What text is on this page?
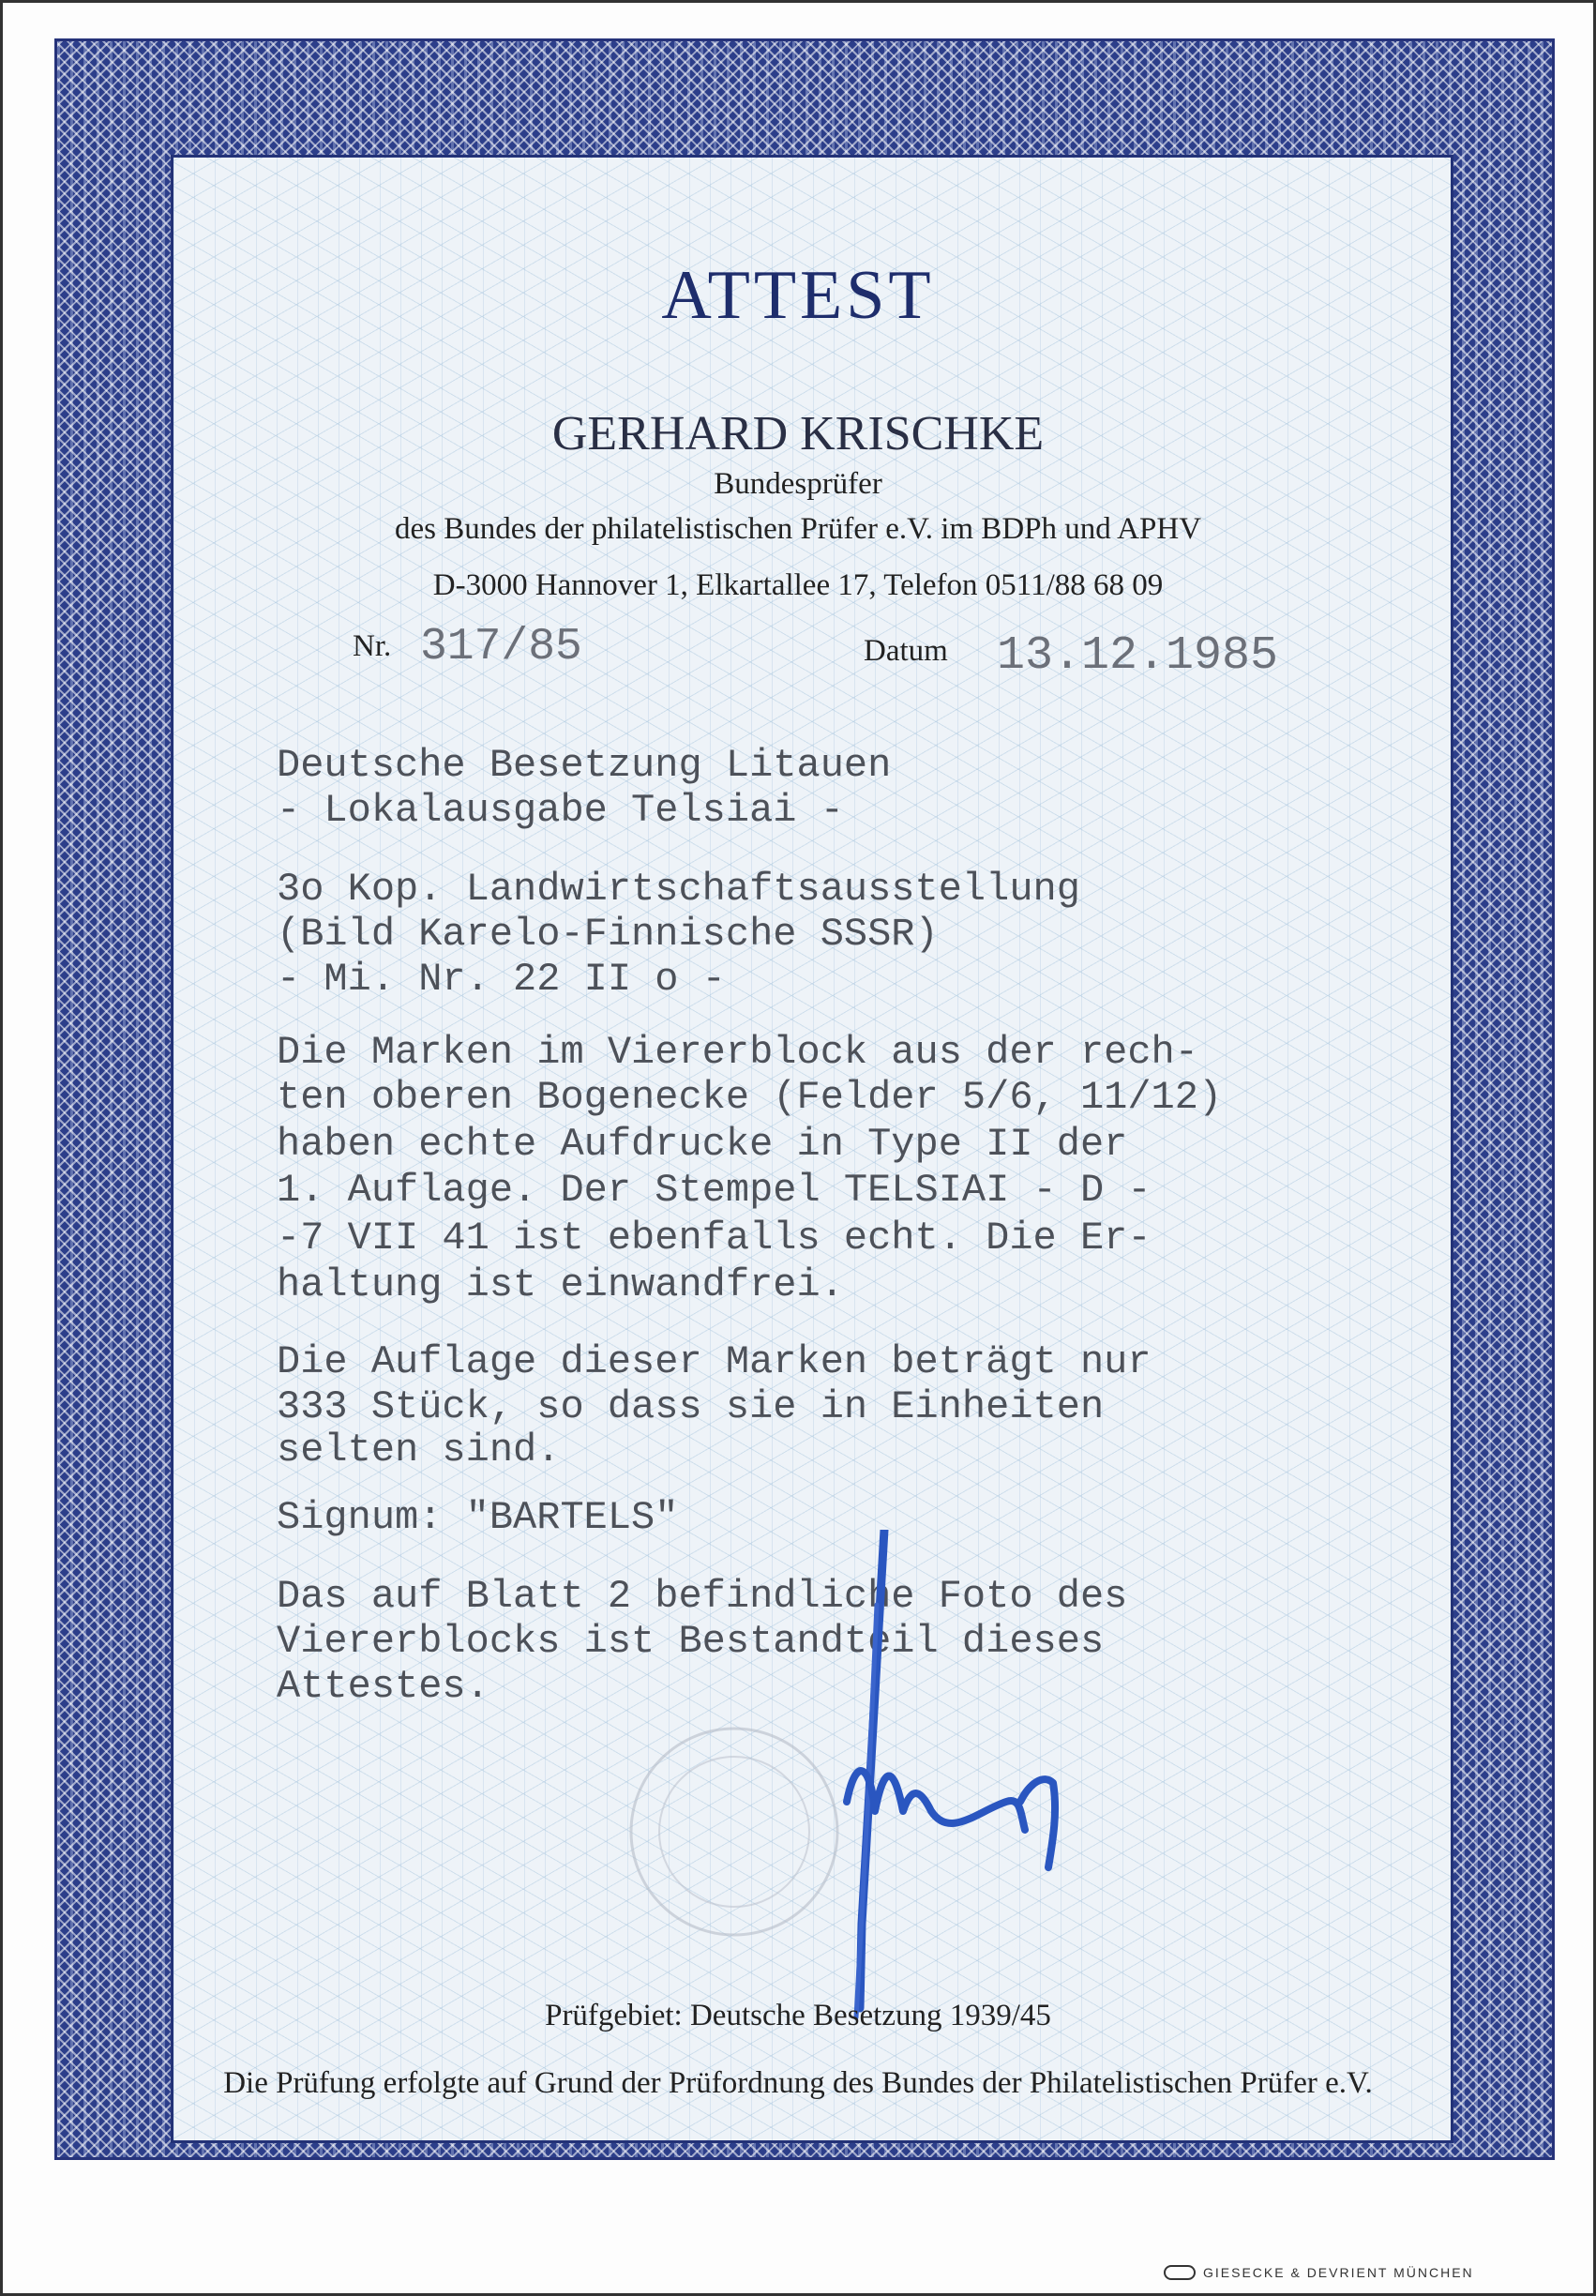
ATTEST
GERHARD KRISCHKE
Bundesprüfer
des Bundes der philatelistischen Prüfer e.V. im BDPh und APHV
D-3000 Hannover 1, Elkartallee 17, Telefon 0511/88 68 09
Nr. 317/85	Datum 13.12.1985
Deutsche Besetzung Litauen
- Lokalausgabe Telsiai -
3o Kop. Landwirtschaftsausstellung
(Bild Karelo-Finnische SSSR)
- Mi. Nr. 22 II o -
Die Marken im Viererblock aus der rech-
ten oberen Bogenecke (Felder 5/6, 11/12)
haben echte Aufdrucke in Type II der
1. Auflage. Der Stempel TELSIAI - D -
-7 VII 41 ist ebenfalls echt. Die Er-
haltung ist einwandfrei.
Die Auflage dieser Marken beträgt nur
333 Stück, so dass sie in Einheiten
selten sind.
Signum: "BARTELS"
Das auf Blatt 2 befindliche Foto des
Viererblocks ist Bestandteil dieses
Attestes.
Prüfgebiet: Deutsche Besetzung 1939/45
Die Prüfung erfolgte auf Grund der Prüfordnung des Bundes der Philatelistischen Prüfer e.V.
GIESECKE & DEVRIENT MÜNCHEN
